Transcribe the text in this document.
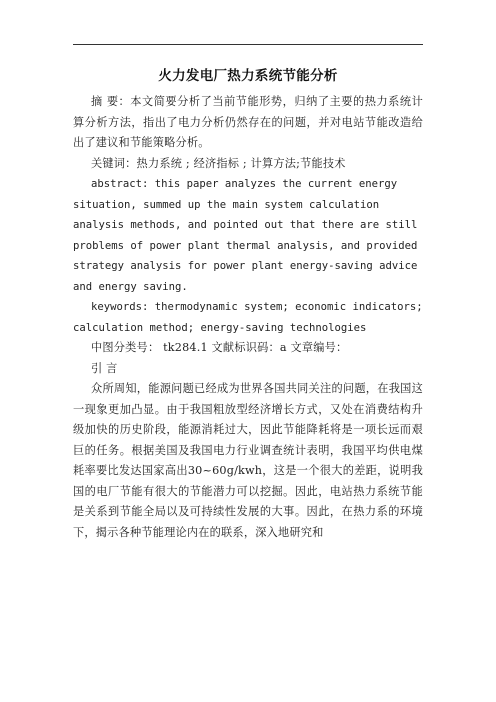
火力发电厂热力系统节能分析

摘 要：本文简要分析了当前节能形势，归纳了主要的热力系统计算分析方法，指出了电力分析仍然存在的问题，并对电站节能改造给出了建议和节能策略分析。

关键词：热力系统 ; 经济指标 ; 计算方法;节能技术

abstract: this paper analyzes the current energy situation, summed up the main system calculation analysis methods, and pointed out that there are still problems of power plant thermal analysis, and provided strategy analysis for power plant energy-saving advice and energy saving.

keywords: thermodynamic system; economic indicators; calculation method; energy-saving technologies

中图分类号： tk284.1 文献标识码：a 文章编号：

引 言

众所周知，能源问题已经成为世界各国共同关注的问题，在我国这一现象更加凸显。由于我国粗放型经济增长方式，又处在消费结构升级加快的历史阶段，能源消耗过大，因此节能降耗将是一项长远而艰巨的任务。根据美国及我国电力行业调查统计表明，我国平均供电煤耗率要比发达国家高出30~60g/kwh，这是一个很大的差距，说明我国的电厂节能有很大的节能潜力可以挖掘。因此，电站热力系统节能是关系到节能全局以及可持续性发展的大事。因此，在热力系的环境下，揭示各种节能理论内在的联系，深入地研究和
